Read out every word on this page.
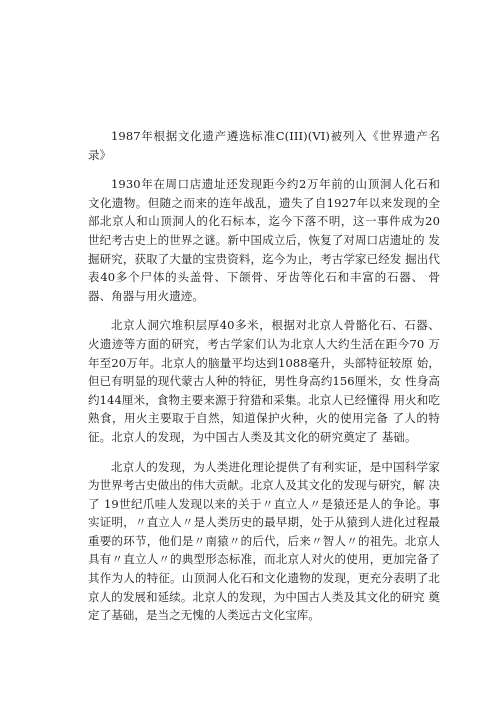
1987年根据文化遗产遴选标准C(III)(VI)被列入《世界遗产名 录》

1930年在周口店遗址还发现距今约2万年前的山顶洞人化石和 文化遗物。但随之而来的连年战乱，遗失了自1927年以来发现的全 部北京人和山顶洞人的化石标本，迄今下落不明，这一事件成为20 世纪考古史上的世界之谜。新中国成立后，恢复了对周口店遗址的 发掘研究，获取了大量的宝贵资料，迄今为止，考古学家已经发 掘出代表40多个尸体的头盖骨、下颌骨、牙齿等化石和丰富的石器、 骨器、角器与用火遗迹。

北京人洞穴堆积层厚40多米，根据对北京人骨骼化石、石器、 火遗迹等方面的研究，考古学家们认为北京人大约生活在距今70 万年至20万年。北京人的脑量平均达到1088毫升，头部特征较原 始，但已有明显的现代蒙古人种的特征，男性身高约156厘米，女 性身高约144厘米，食物主要来源于狩猎和采集。北京人已经懂得 用火和吃熟食，用火主要取于自然，知道保护火种，火的使用完备 了人的特征。北京人的发现，为中国古人类及其文化的研究奠定了 基础。

北京人的发现，为人类进化理论提供了有利实证，是中国科学家为世界考古史做出的伟大贡献。北京人及其文化的发现与研究，解 决了 19世纪爪哇人发现以来的关于〃直立人〃是猿还是人的争论。事 实证明，〃直立人〃是人类历史的最早期，处于从猿到人进化过程最 重要的环节，他们是〃南猿〃的后代，后来〃智人〃的祖先。北京人具有〃直立人〃的典型形态标准，而北京人对火的使用，更加完备了其作为人的特征。山顶洞人化石和文化遗物的发现，更充分表明了北 京人的发展和延续。北京人的发现，为中国古人类及其文化的研究 奠定了基础，是当之无愧的人类远古文化宝库。
